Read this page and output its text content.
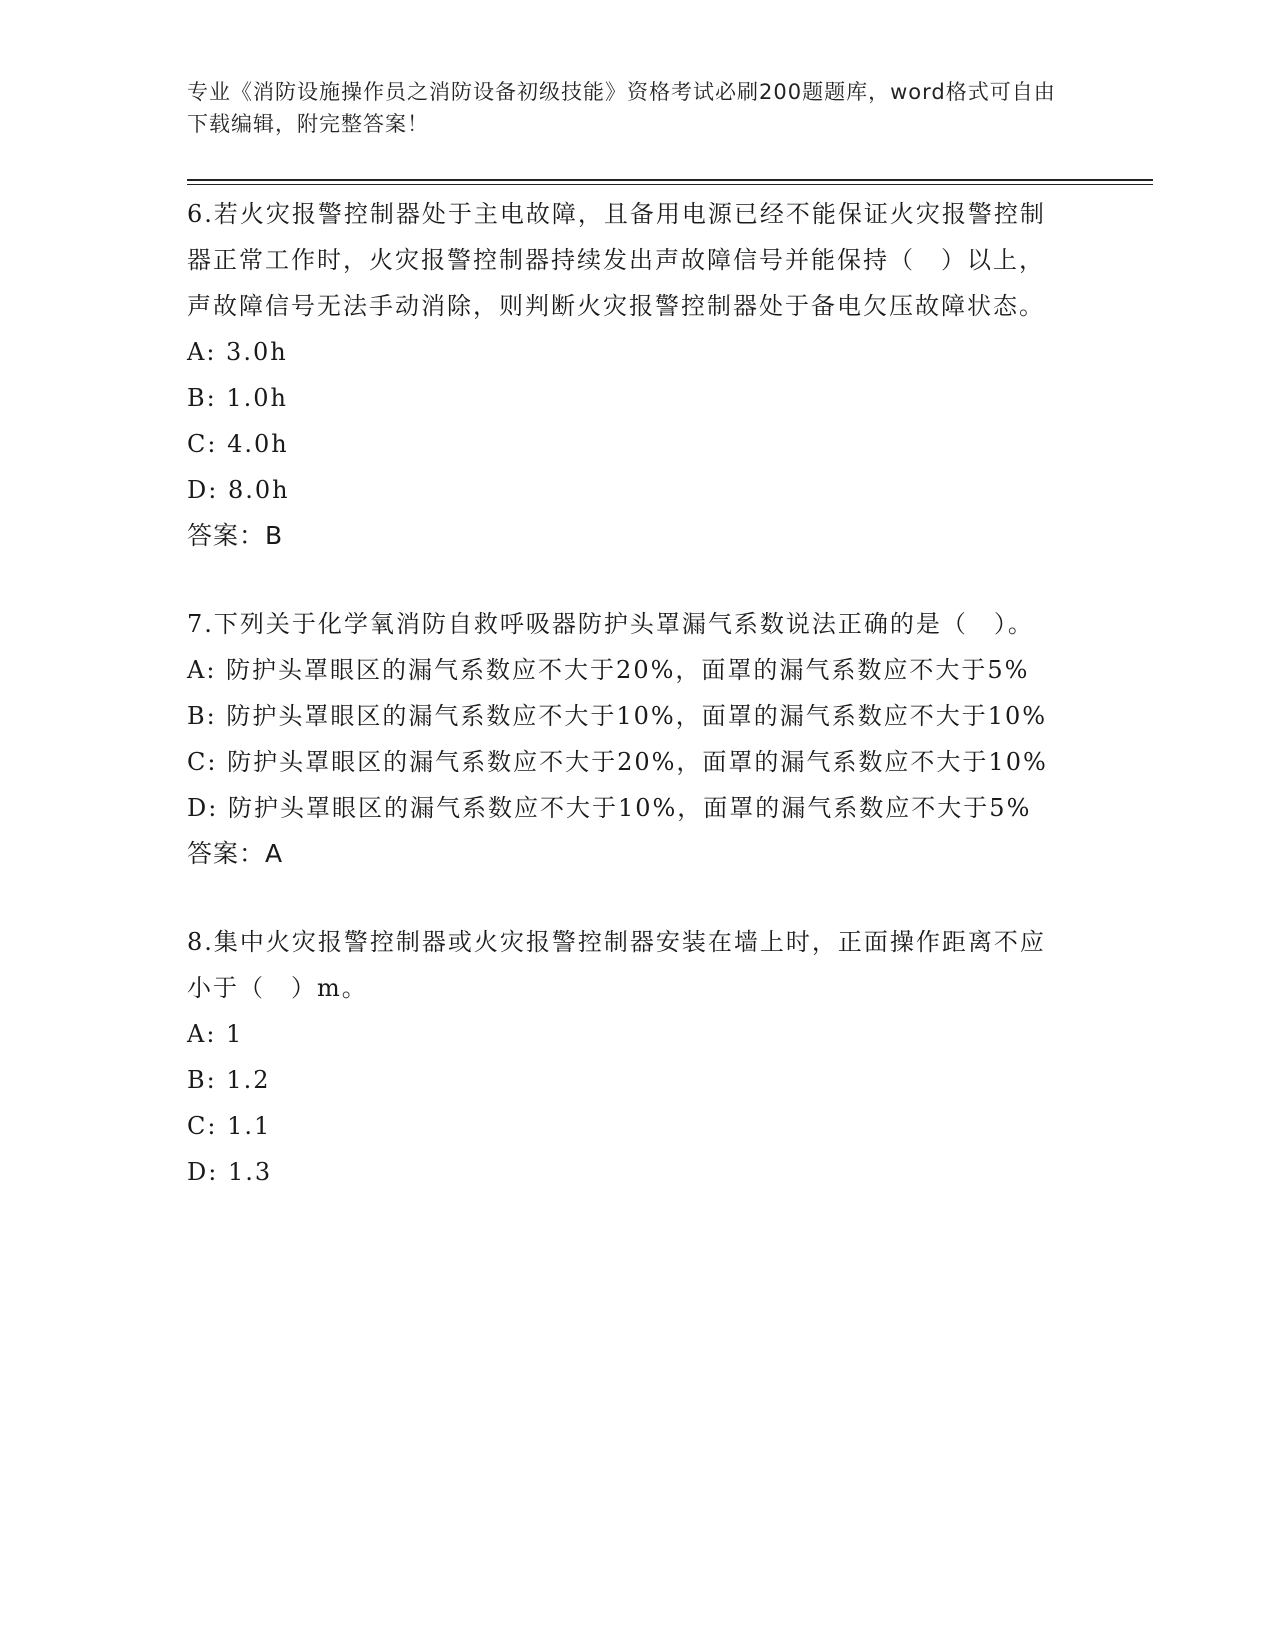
专业《消防设施操作员之消防设备初级技能》资格考试必刷200题题库，word格式可自由下载编辑，附完整答案！

6.若火灾报警控制器处于主电故障，且备用电源已经不能保证火灾报警控制器正常工作时，火灾报警控制器持续发出声故障信号并能保持（　）以上，声故障信号无法手动消除，则判断火灾报警控制器处于备电欠压故障状态。

A: 3.0h

B: 1.0h

C: 4.0h

D: 8.0h

答案：B

7.下列关于化学氧消防自救呼吸器防护头罩漏气系数说法正确的是（　）。

A: 防护头罩眼区的漏气系数应不大于20%，面罩的漏气系数应不大于5%

B: 防护头罩眼区的漏气系数应不大于10%，面罩的漏气系数应不大于10%

C: 防护头罩眼区的漏气系数应不大于20%，面罩的漏气系数应不大于10%

D: 防护头罩眼区的漏气系数应不大于10%，面罩的漏气系数应不大于5%

答案：A

8.集中火灾报警控制器或火灾报警控制器安装在墙上时，正面操作距离不应小于（　）m。

A: 1

B: 1.2

C: 1.1

D: 1.3
